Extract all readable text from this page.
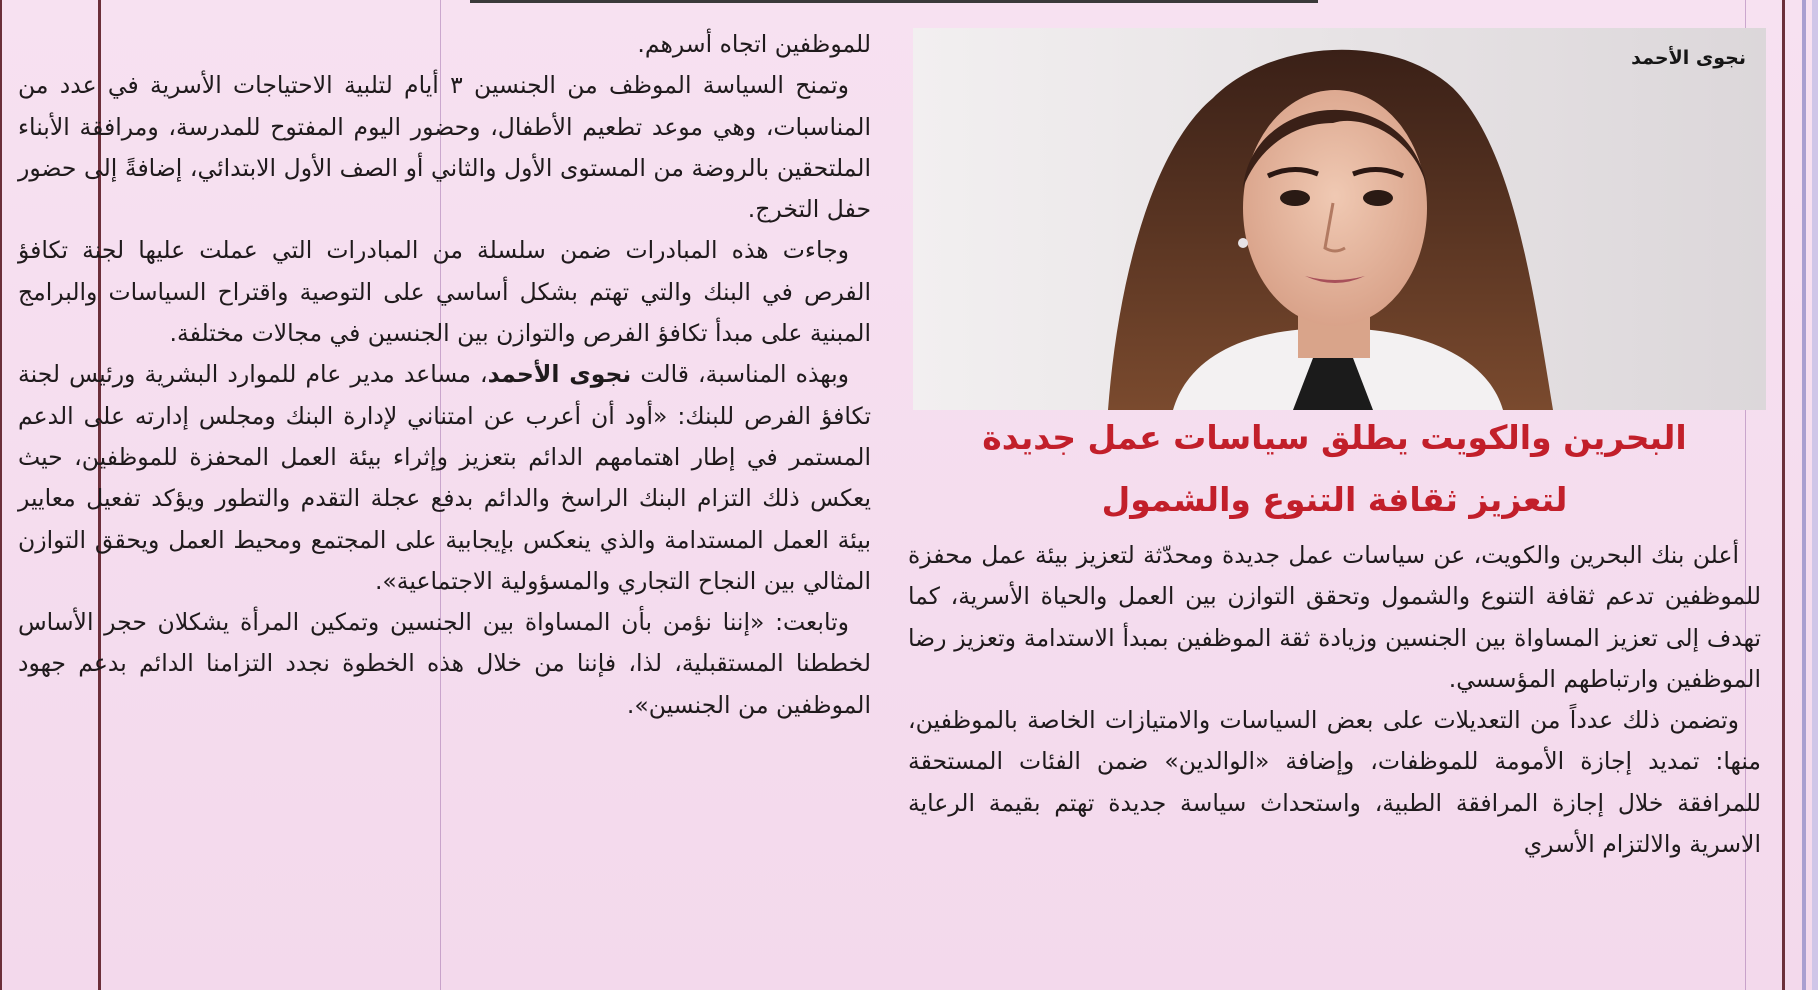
للموظفين اتجاه أسرهم.

وتمنح السياسة الموظف من الجنسين ٣ أيام لتلبية الاحتياجات الأسرية في عدد من المناسبات، وهي موعد تطعيم الأطفال، وحضور اليوم المفتوح للمدرسة، ومرافقة الأبناء الملتحقين بالروضة من المستوى الأول والثاني أو الصف الأول الابتدائي، إضافةً إلى حضور حفل التخرج.

وجاءت هذه المبادرات ضمن سلسلة من المبادرات التي عملت عليها لجنة تكافؤ الفرص في البنك والتي تهتم بشكل أساسي على التوصية واقتراح السياسات والبرامج المبنية على مبدأ تكافؤ الفرص والتوازن بين الجنسين في مجالات مختلفة.

وبهذه المناسبة، قالت نجوى الأحمد، مساعد مدير عام للموارد البشرية ورئيس لجنة تكافؤ الفرص للبنك: «أود أن أعرب عن امتناني لإدارة البنك ومجلس إدارته على الدعم المستمر في إطار اهتمامهم الدائم بتعزيز وإثراء بيئة العمل المحفزة للموظفين، حيث يعكس ذلك التزام البنك الراسخ والدائم بدفع عجلة التقدم والتطور ويؤكد تفعيل معايير بيئة العمل المستدامة والذي ينعكس بإيجابية على المجتمع ومحيط العمل ويحقق التوازن المثالي بين النجاح التجاري والمسؤولية الاجتماعية».

وتابعت: «إننا نؤمن بأن المساواة بين الجنسين وتمكين المرأة يشكلان حجر الأساس لخططنا المستقبلية، لذا، فإننا من خلال هذه الخطوة نجدد التزامنا الدائم بدعم جهود الموظفين من الجنسين».

نجوى الأحمد
البحرين والكويت يطلق سياسات عمل جديدة
لتعزيز ثقافة التنوع والشمول

أعلن بنك البحرين والكويت، عن سياسات عمل جديدة ومحدّثة لتعزيز بيئة عمل محفزة للموظفين تدعم ثقافة التنوع والشمول وتحقق التوازن بين العمل والحياة الأسرية، كما تهدف إلى تعزيز المساواة بين الجنسين وزيادة ثقة الموظفين بمبدأ الاستدامة وتعزيز رضا الموظفين وارتباطهم المؤسسي.

وتضمن ذلك عدداً من التعديلات على بعض السياسات والامتيازات الخاصة بالموظفين، منها: تمديد إجازة الأمومة للموظفات، وإضافة «الوالدين» ضمن الفئات المستحقة للمرافقة خلال إجازة المرافقة الطبية، واستحداث سياسة جديدة تهتم بقيمة الرعاية الاسرية والالتزام الأسري
